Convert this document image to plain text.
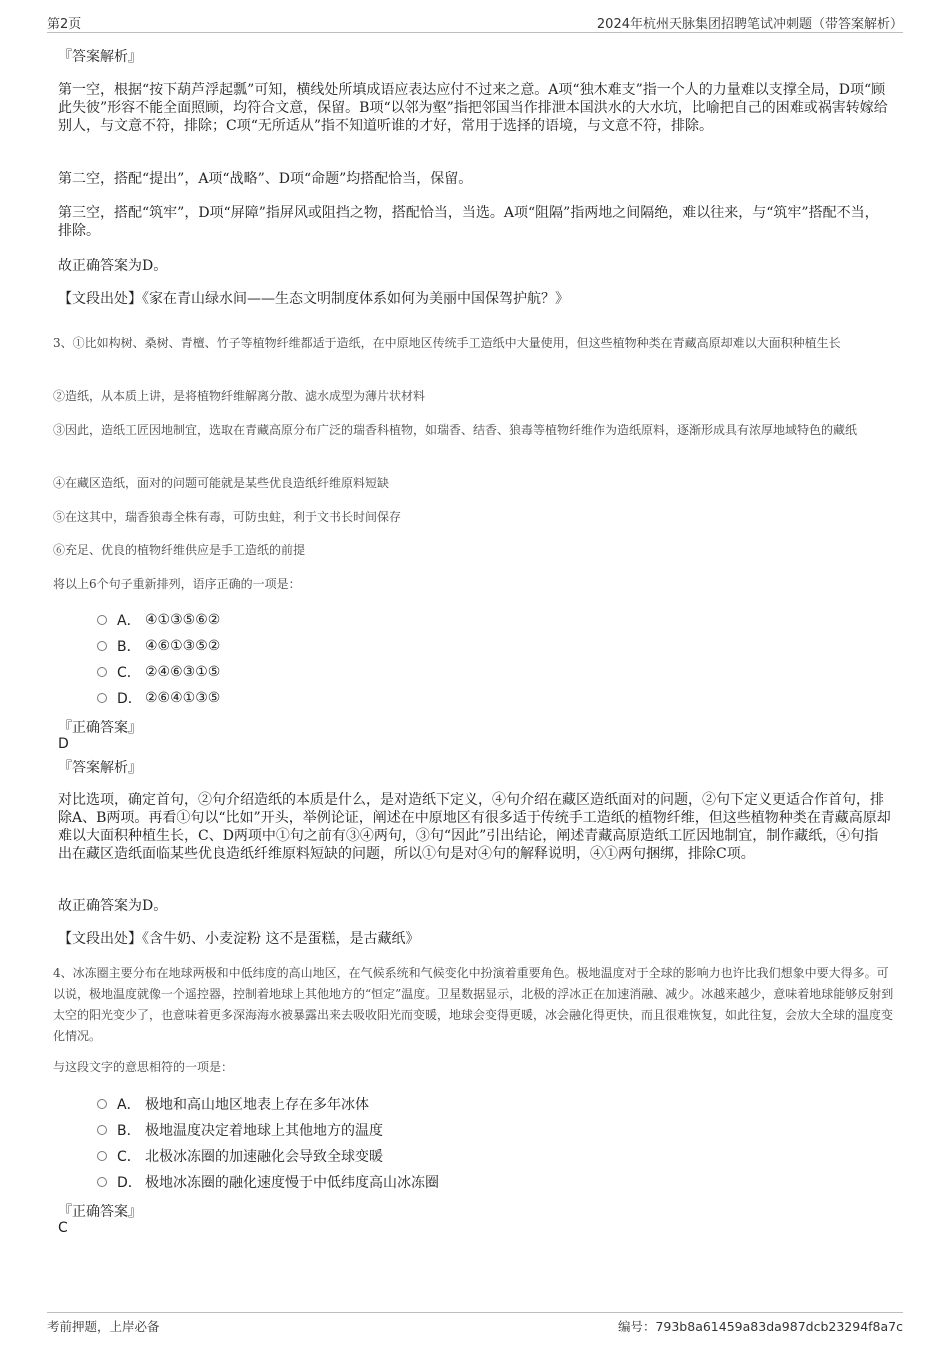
第2页	2024年杭州天脉集团招聘笔试冲刺题（带答案解析）
『答案解析』

第一空，根据“按下葫芦浮起瓢”可知，横线处所填成语应表达应付不过来之意。A项“独木难支”指一个人的力量难以支撑全局，D项“顾此失彼”形容不能全面照顾，均符合文意，保留。B项“以邻为壑”指把邻国当作排泄本国洪水的大水坑，比喻把自己的困难或祸害转嫁给别人，与文意不符，排除；C项“无所适从”指不知道听谁的才好，常用于选择的语境，与文意不符，排除。

第二空，搭配“提出”，A项“战略”、D项“命题”均搭配恰当，保留。

第三空，搭配“筑牢”，D项“屏障”指屏风或阻挡之物，搭配恰当，当选。A项“阻隔”指两地之间隔绝，难以往来，与“筑牢”搭配不当，排除。

故正确答案为D。

【文段出处】《家在青山绿水间——生态文明制度体系如何为美丽中国保驾护航？》

3、①比如构树、桑树、青檀、竹子等植物纤维都适于造纸，在中原地区传统手工造纸中大量使用，但这些植物种类在青藏高原却难以大面积种植生长

②造纸，从本质上讲，是将植物纤维解离分散、滤水成型为薄片状材料

③因此，造纸工匠因地制宜，选取在青藏高原分布广泛的瑞香科植物，如瑞香、结香、狼毒等植物纤维作为造纸原料，逐渐形成具有浓厚地域特色的藏纸

④在藏区造纸，面对的问题可能就是某些优良造纸纤维原料短缺

⑤在这其中，瑞香狼毒全株有毒，可防虫蛀，利于文书长时间保存

⑥充足、优良的植物纤维供应是手工造纸的前提

将以上6个句子重新排列，语序正确的一项是：

A． ④①③⑤⑥②
B． ④⑥①③⑤②
C． ②④⑥③①⑤
D． ②⑥④①③⑤
『正确答案』
D
『答案解析』

对比选项，确定首句，②句介绍造纸的本质是什么，是对造纸下定义，④句介绍在藏区造纸面对的问题，②句下定义更适合作首句，排除A、B两项。再看①句以“比如”开头，举例论证，阐述在中原地区有很多适于传统手工造纸的植物纤维，但这些植物种类在青藏高原却难以大面积种植生长，C、D两项中①句之前有③④两句，③句“因此”引出结论，阐述青藏高原造纸工匠因地制宜，制作藏纸，④句指出在藏区造纸面临某些优良造纸纤维原料短缺的问题，所以①句是对④句的解释说明，④①两句捆绑，排除C项。

故正确答案为D。

【文段出处】《含牛奶、小麦淀粉 这不是蛋糕，是古藏纸》

4、冰冻圈主要分布在地球两极和中低纬度的高山地区，在气候系统和气候变化中扮演着重要角色。极地温度对于全球的影响力也许比我们想象中要大得多。可以说，极地温度就像一个遥控器，控制着地球上其他地方的“恒定”温度。卫星数据显示，北极的浮冰正在加速消融、减少。冰越来越少，意味着地球能够反射到太空的阳光变少了，也意味着更多深海海水被暴露出来去吸收阳光而变暖，地球会变得更暖，冰会融化得更快，而且很难恢复，如此往复，会放大全球的温度变化情况。

与这段文字的意思相符的一项是：

A． 极地和高山地区地表上存在多年冰体
B． 极地温度决定着地球上其他地方的温度
C． 北极冰冻圈的加速融化会导致全球变暖
D． 极地冰冻圈的融化速度慢于中低纬度高山冰冻圈
『正确答案』
C
考前押题，上岸必备	编号：793b8a61459a83da987dcb23294f8a7c
